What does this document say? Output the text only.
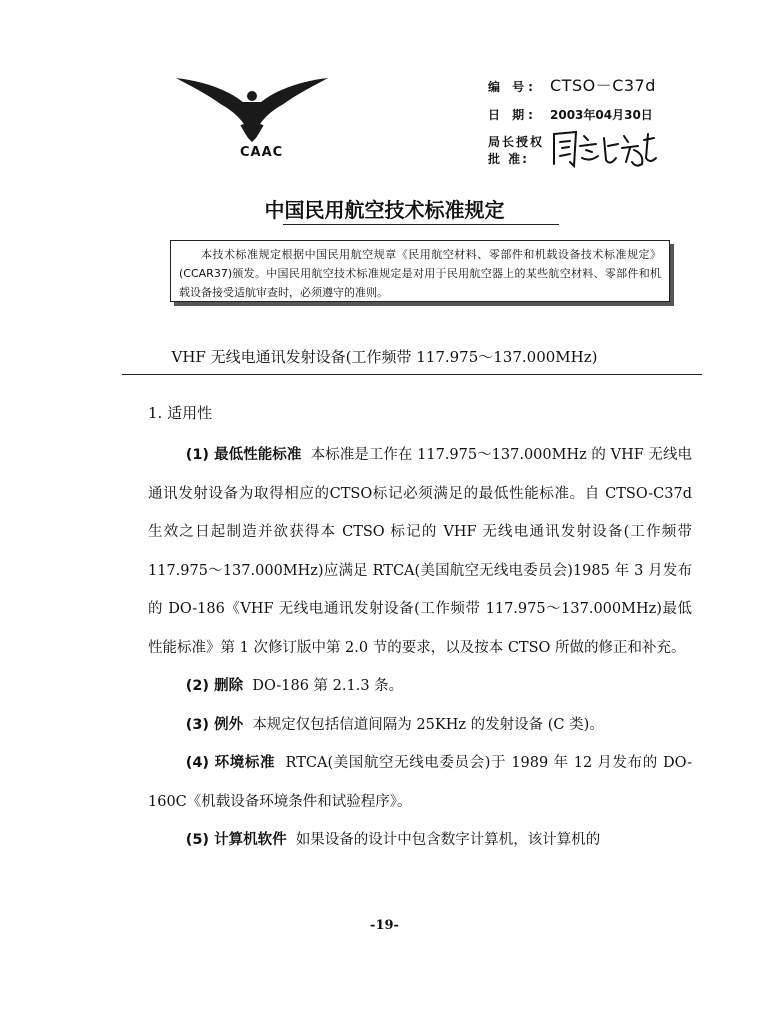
CAAC
编 号: CTSO－C37d
日 期: 2003年04月30日
局长授权
批 准:
中国民用航空技术标准规定
本技术标准规定根据中国民用航空规章《民用航空材料、零部件和机载设备技术标准规定》(CCAR37)颁发。中国民用航空技术标准规定是对用于民用航空器上的某些航空材料、零部件和机载设备接受适航审查时，必须遵守的准则。
VHF 无线电通讯发射设备(工作频带 117.975～137.000MHz)
1. 适用性

(1) 最低性能标准 本标准是工作在 117.975～137.000MHz 的 VHF 无线电通讯发射设备为取得相应的CTSO标记必须满足的最低性能标准。自 CTSO-C37d 生效之日起制造并欲获得本 CTSO 标记的 VHF 无线电通讯发射设备(工作频带 117.975～137.000MHz)应满足 RTCA(美国航空无线电委员会)1985 年 3 月发布的 DO-186《VHF 无线电通讯发射设备(工作频带 117.975～137.000MHz)最低性能标准》第 1 次修订版中第 2.0 节的要求，以及按本 CTSO 所做的修正和补充。

(2) 删除 DO-186 第 2.1.3 条。

(3) 例外 本规定仅包括信道间隔为 25KHz 的发射设备 (C 类)。

(4) 环境标准 RTCA(美国航空无线电委员会)于 1989 年 12 月发布的 DO-160C《机载设备环境条件和试验程序》。

(5) 计算机软件 如果设备的设计中包含数字计算机，该计算机的

-19-
